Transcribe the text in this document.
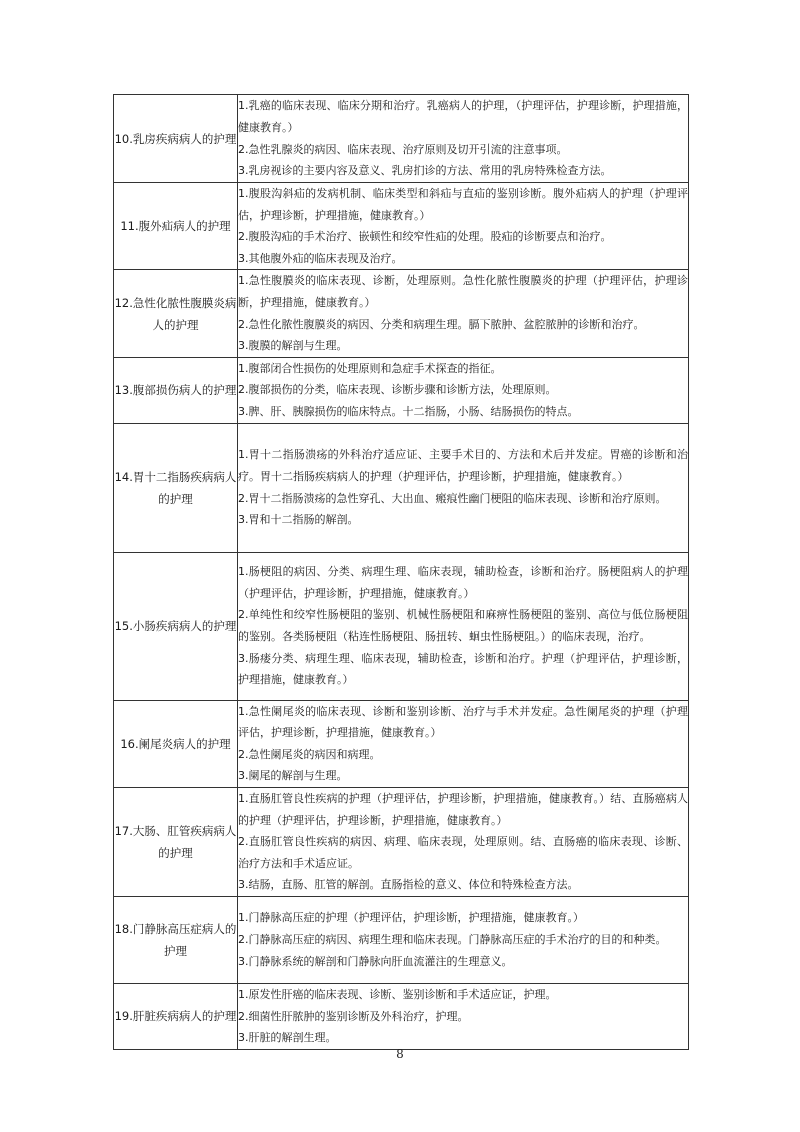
10.乳房疾病病人的护理	1.乳癌的临床表现、临床分期和治疗。乳癌病人的护理，（护理评估，护理诊断，护理措施，健康教育。）
2.急性乳腺炎的病因、临床表现、治疗原则及切开引流的注意事项。
3.乳房视诊的主要内容及意义、乳房扪诊的方法、常用的乳房特殊检查方法。

11.腹外疝病人的护理	1.腹股沟斜疝的发病机制、临床类型和斜疝与直疝的鉴别诊断。腹外疝病人的护理（护理评估，护理诊断，护理措施，健康教育。）
2.腹股沟疝的手术治疗、嵌顿性和绞窄性疝的处理。股疝的诊断要点和治疗。
3.其他腹外疝的临床表现及治疗。

12.急性化脓性腹膜炎病人的护理	1.急性腹膜炎的临床表现、诊断，处理原则。急性化脓性腹膜炎的护理（护理评估，护理诊断，护理措施，健康教育。）
2.急性化脓性腹膜炎的病因、分类和病理生理。膈下脓肿、盆腔脓肿的诊断和治疗。
3.腹膜的解剖与生理。

13.腹部损伤病人的护理	1.腹部闭合性损伤的处理原则和急症手术探查的指征。
2.腹部损伤的分类，临床表现、诊断步骤和诊断方法，处理原则。
3.脾、肝、胰腺损伤的临床特点。十二指肠，小肠、结肠损伤的特点。

14.胃十二指肠疾病病人的护理	1.胃十二指肠溃疡的外科治疗适应证、主要手术目的、方法和术后并发症。胃癌的诊断和治疗。胃十二指肠疾病病人的护理（护理评估，护理诊断，护理措施，健康教育。）
2.胃十二指肠溃疡的急性穿孔、大出血、瘢痕性幽门梗阻的临床表现、诊断和治疗原则。
3.胃和十二指肠的解剖。

15.小肠疾病病人的护理	1.肠梗阻的病因、分类、病理生理、临床表现，辅助检查，诊断和治疗。肠梗阻病人的护理（护理评估，护理诊断，护理措施，健康教育。）
2.单纯性和绞窄性肠梗阻的鉴别、机械性肠梗阻和麻痹性肠梗阻的鉴别、高位与低位肠梗阻的鉴别。各类肠梗阻（粘连性肠梗阻、肠扭转、蛔虫性肠梗阻。）的临床表现，治疗。
3.肠瘘分类、病理生理、临床表现，辅助检查，诊断和治疗。护理（护理评估，护理诊断，护理措施，健康教育。）

16.阑尾炎病人的护理	1.急性阑尾炎的临床表现、诊断和鉴别诊断、治疗与手术并发症。急性阑尾炎的护理（护理评估，护理诊断，护理措施，健康教育。）
2.急性阑尾炎的病因和病理。
3.阑尾的解剖与生理。

17.大肠、肛管疾病病人的护理	1.直肠肛管良性疾病的护理（护理评估，护理诊断，护理措施，健康教育。）结、直肠癌病人的护理（护理评估，护理诊断，护理措施，健康教育。）
2.直肠肛管良性疾病的病因、病理、临床表现，处理原则。结、直肠癌的临床表现、诊断、治疗方法和手术适应证。
3.结肠，直肠、肛管的解剖。直肠指检的意义、体位和特殊检查方法。

18.门静脉高压症病人的护理	1.门静脉高压症的护理（护理评估，护理诊断，护理措施，健康教育。）
2.门静脉高压症的病因、病理生理和临床表现。门静脉高压症的手术治疗的目的和种类。
3.门静脉系统的解剖和门静脉向肝血流灌注的生理意义。

19.肝脏疾病病人的护理	1.原发性肝癌的临床表现、诊断、鉴别诊断和手术适应证，护理。
2.细菌性肝脓肿的鉴别诊断及外科治疗，护理。
3.肝脏的解剖生理。
8
